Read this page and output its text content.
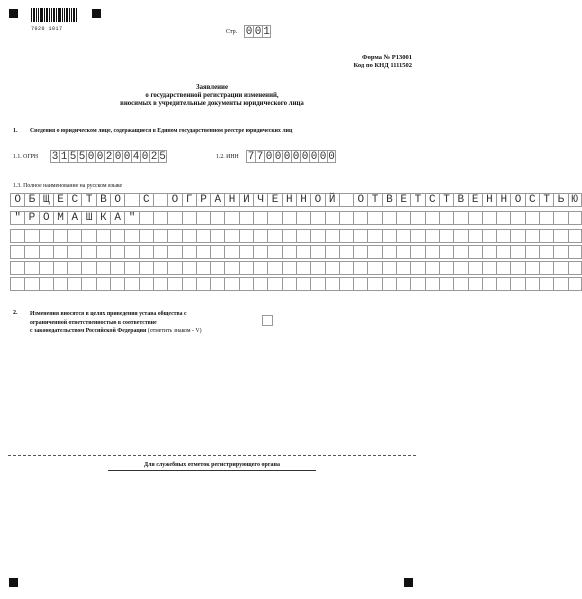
7020 1017	Стр. 0 0 1
Форма № Р13001
Код по КНД 1111502
Заявление
о государственной регистрации изменений,
вносимых в учредительные документы юридического лица
1. Сведения о юридическом лице, содержащиеся в Едином государственном реестре юридических лиц
1.1. ОГРН 3 1 5 5 0 0 2 0 0 4 0 2 5	1.2. ИНН 7 7 0 0 0 0 0 0 0 0
1.3. Полное наименование на русском языке
О Б Щ Е С Т В О	С	О Г Р А Н И Ч Е Н Н О Й	О Т В Е Т С Т В Е Н Н О С Т Ь Ю
" Р О М А Ш К А "
2. Изменения вносятся в целях приведения устава общества с
ограниченной ответственностью в соответствие
с законодательством Российской Федерации (отметить знаком - V)
Для служебных отметок регистрирующего органа
